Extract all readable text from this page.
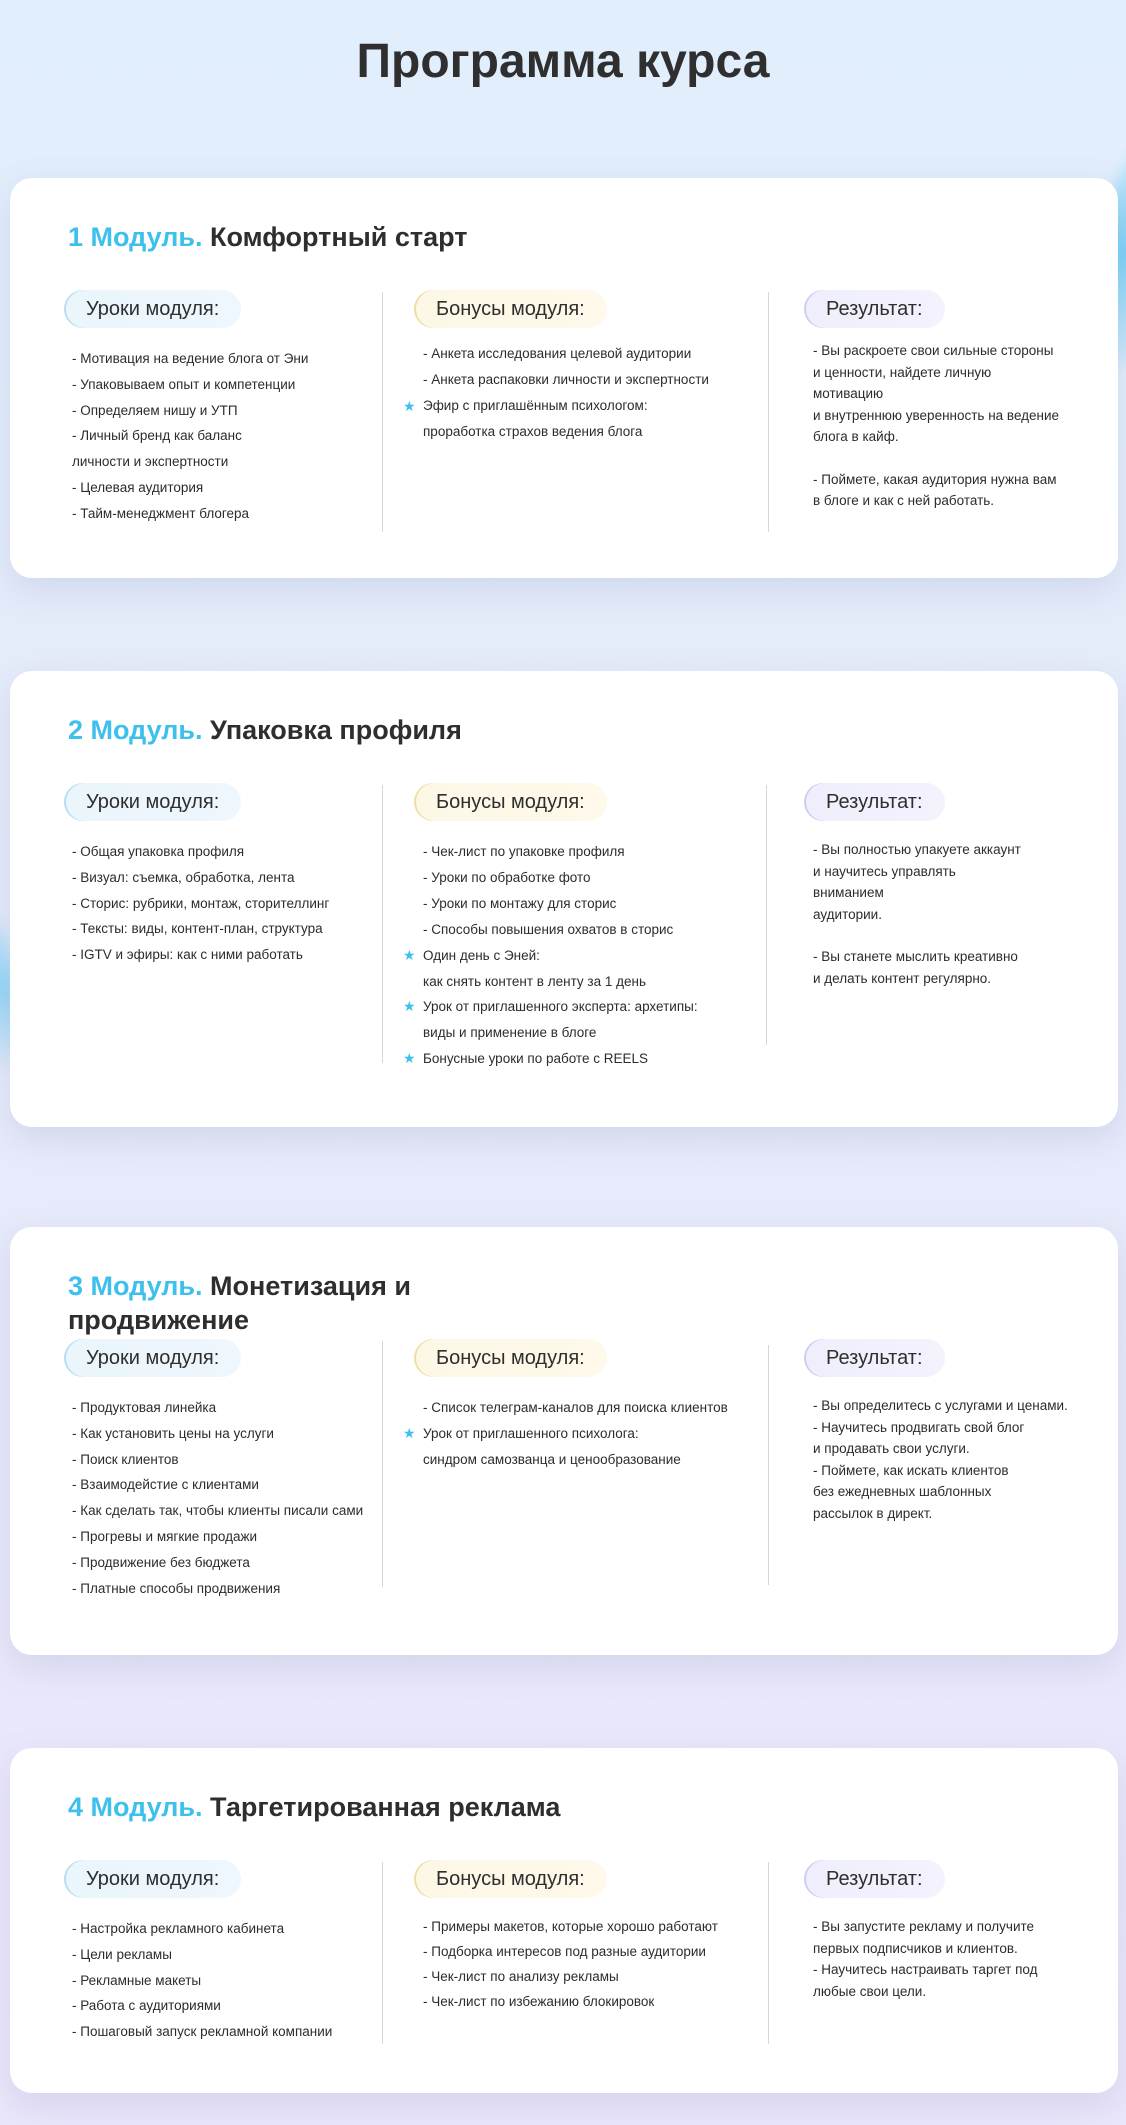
Программа курса
1 Модуль. Комфортный старт
Уроки модуля:
- Мотивация на ведение блога от Эни
- Упаковываем опыт и компетенции
- Определяем нишу и УТП
- Личный бренд как баланс
личности и экспертности
- Целевая аудитория
- Тайм-менеджмент блогера
Бонусы модуля:
- Анкета исследования целевой аудитории
- Анкета распаковки личности и экспертности
★ Эфир с приглашённым психологом:
проработка страхов ведения блога
Результат:

- Вы раскроете свои сильные стороны

и ценности, найдете личную

мотивацию

и внутреннюю уверенность на ведение

блога в кайф.

- Поймете, какая аудитория нужна вам

в блоге и как с ней работать.

2 Модуль. Упаковка профиля
Уроки модуля:
- Общая упаковка профиля
- Визуал: съемка, обработка, лента
- Сторис: рубрики, монтаж, сторителлинг
- Тексты: виды, контент-план, структура
- IGTV и эфиры: как с ними работать
Бонусы модуля:
- Чек-лист по упаковке профиля
- Уроки по обработке фото
- Уроки по монтажу для сторис
- Способы повышения охватов в сторис
★ Один день с Эней:
как снять контент в ленту за 1 день
★ Урок от приглашенного эксперта: архетипы:
виды и применение в блоге
★ Бонусные уроки по работе с REELS
Результат:

- Вы полностью упакуете аккаунт

и научитесь управлять

вниманием

аудитории.

- Вы станете мыслить креативно

и делать контент регулярно.

3 Модуль. Монетизация и продвижение
Уроки модуля:
- Продуктовая линейка
- Как установить цены на услуги
- Поиск клиентов
- Взаимодейстие с клиентами
- Как сделать так, чтобы клиенты писали сами
- Прогревы и мягкие продажи
- Продвижение без бюджета
- Платные способы продвижения
Бонусы модуля:
- Список телеграм-каналов для поиска клиентов
★ Урок от приглашенного психолога:
синдром самозванца и ценообразование
Результат:

- Вы определитесь с услугами и ценами.

- Научитесь продвигать свой блог

и продавать свои услуги.

- Поймете, как искать клиентов

без ежедневных шаблонных

рассылок в директ.

4 Модуль. Таргетированная реклама
Уроки модуля:
- Настройка рекламного кабинета
- Цели рекламы
- Рекламные макеты
- Работа с аудиториями
- Пошаговый запуск рекламной компании
Бонусы модуля:
- Примеры макетов, которые хорошо работают
- Подборка интересов под разные аудитории
- Чек-лист по анализу рекламы
- Чек-лист по избежанию блокировок
Результат:

- Вы запустите рекламу и получите

первых подписчиков и клиентов.

- Научитесь настраивать таргет под

любые свои цели.
